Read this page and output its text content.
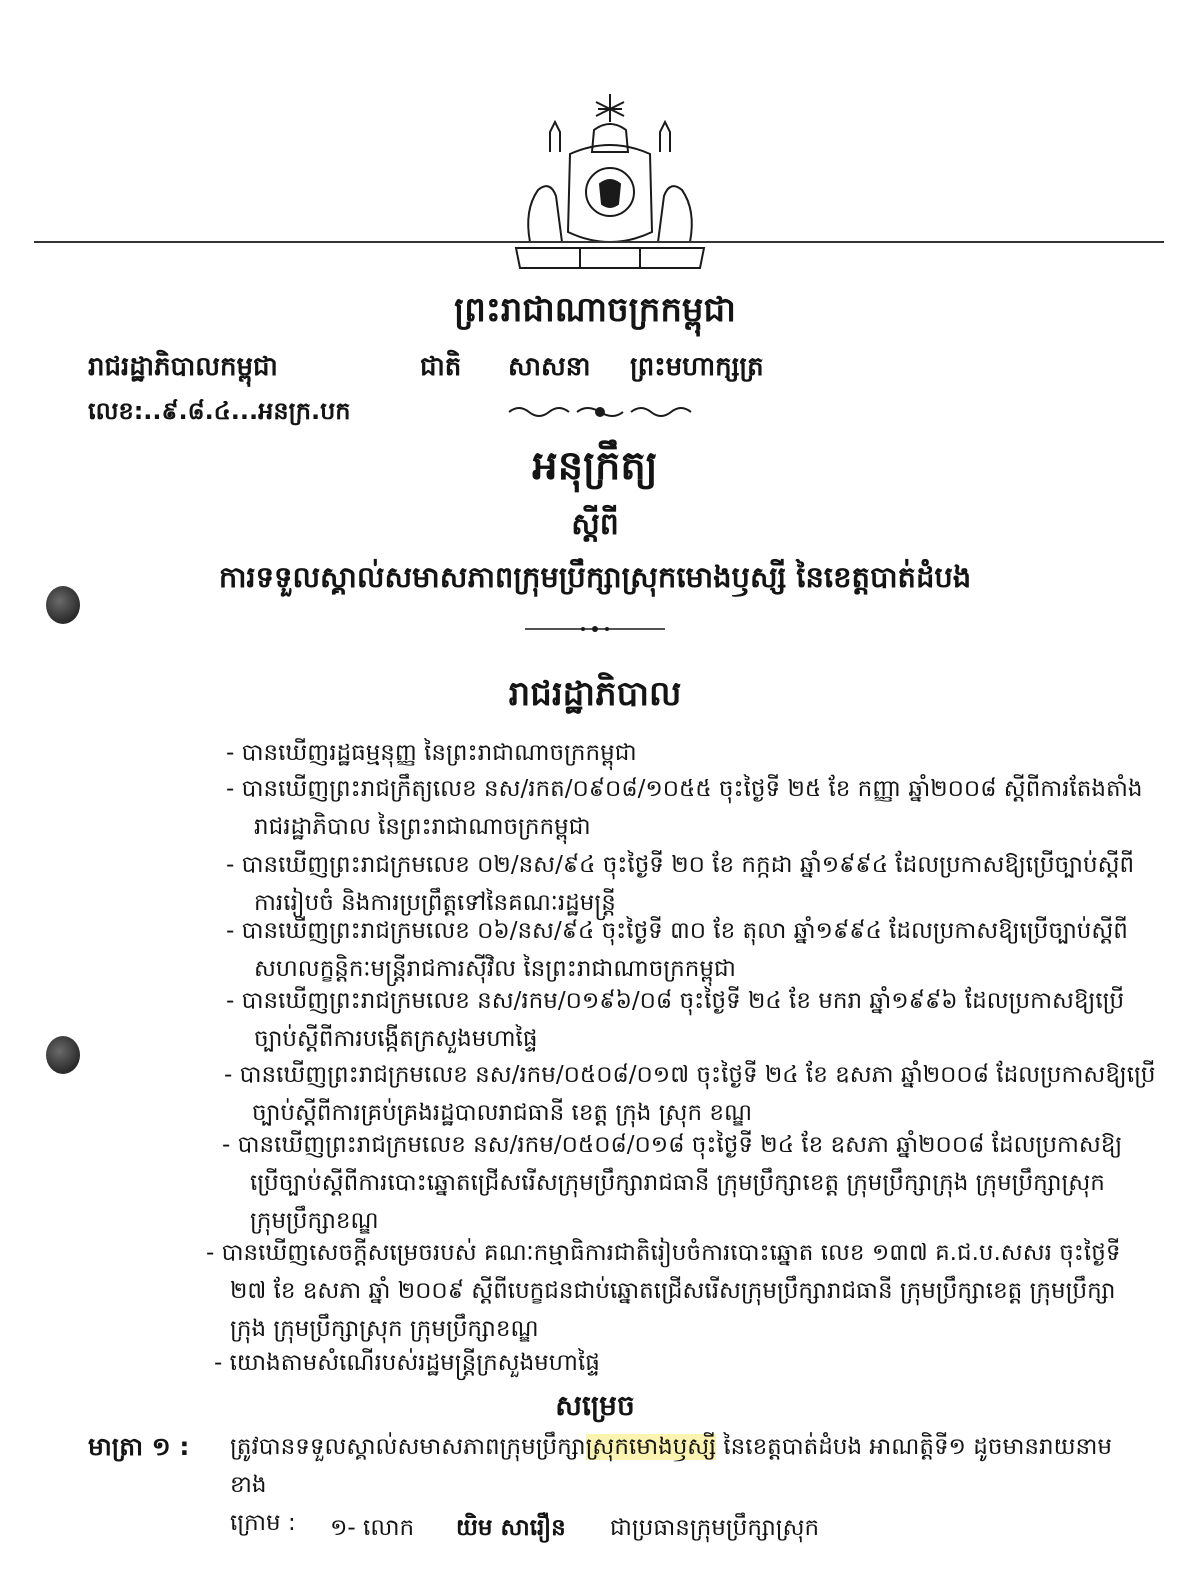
ព្រះរាជាណាចក្រកម្ពុជា
រាជរដ្ឋាភិបាលកម្ពុជា	ជាតិ សាសនា ព្រះមហាក្សត្រ
លេខ:..៩.៨.៤...អនក្រ.បក
អនុក្រឹត្យ
ស្តីពី
ការទទួលស្គាល់សមាសភាពក្រុមប្រឹក្សាស្រុកមោងឫស្សី នៃខេត្តបាត់ដំបង
រាជរដ្ឋាភិបាល
- បានឃើញរដ្ឋធម្មនុញ្ញ នៃព្រះរាជាណាចក្រកម្ពុជា
- បានឃើញព្រះរាជក្រឹត្យលេខ នស/រកត/០៩០៨/១០៥៥ ចុះថ្ងៃទី ២៥ ខែ កញ្ញា ឆ្នាំ២០០៨ ស្តីពីការតែងតាំង
រាជរដ្ឋាភិបាល នៃព្រះរាជាណាចក្រកម្ពុជា
- បានឃើញព្រះរាជក្រមលេខ ០២/នស/៩៤ ចុះថ្ងៃទី ២០ ខែ កក្កដា ឆ្នាំ១៩៩៤ ដែលប្រកាសឱ្យប្រើច្បាប់ស្តីពី
ការរៀបចំ និងការប្រព្រឹត្តទៅនៃគណៈរដ្ឋមន្ត្រី
- បានឃើញព្រះរាជក្រមលេខ ០៦/នស/៩៤ ចុះថ្ងៃទី ៣០ ខែ តុលា ឆ្នាំ១៩៩៤ ដែលប្រកាសឱ្យប្រើច្បាប់ស្តីពី
សហលក្ខន្តិកៈមន្ត្រីរាជការស៊ីវិល នៃព្រះរាជាណាចក្រកម្ពុជា
- បានឃើញព្រះរាជក្រមលេខ នស/រកម/០១៩៦/០៨ ចុះថ្ងៃទី ២៤ ខែ មករា ឆ្នាំ១៩៩៦ ដែលប្រកាសឱ្យប្រើ
ច្បាប់ស្តីពីការបង្កើតក្រសួងមហាផ្ទៃ
- បានឃើញព្រះរាជក្រមលេខ នស/រកម/០៥០៨/០១៧ ចុះថ្ងៃទី ២៤ ខែ ឧសភា ឆ្នាំ២០០៨ ដែលប្រកាសឱ្យប្រើ
ច្បាប់ស្តីពីការគ្រប់គ្រងរដ្ឋបាលរាជធានី ខេត្ត ក្រុង ស្រុក ខណ្ឌ
- បានឃើញព្រះរាជក្រមលេខ នស/រកម/០៥០៨/០១៨ ចុះថ្ងៃទី ២៤ ខែ ឧសភា ឆ្នាំ២០០៨ ដែលប្រកាសឱ្យ
ប្រើច្បាប់ស្តីពីការបោះឆ្នោតជ្រើសរើសក្រុមប្រឹក្សារាជធានី ក្រុមប្រឹក្សាខេត្ត ក្រុមប្រឹក្សាក្រុង ក្រុមប្រឹក្សាស្រុក
ក្រុមប្រឹក្សាខណ្ឌ
- បានឃើញសេចក្តីសម្រេចរបស់ គណៈកម្មាធិការជាតិរៀបចំការបោះឆ្នោត លេខ ១៣៧ គ.ជ.ប.សសរ ចុះថ្ងៃទី
២៧ ខែ ឧសភា ឆ្នាំ ២០០៩ ស្តីពីបេក្ខជនជាប់ឆ្នោតជ្រើសរើសក្រុមប្រឹក្សារាជធានី ក្រុមប្រឹក្សាខេត្ត ក្រុមប្រឹក្សា
ក្រុង ក្រុមប្រឹក្សាស្រុក ក្រុមប្រឹក្សាខណ្ឌ
- យោងតាមសំណើរបស់រដ្ឋមន្ត្រីក្រសួងមហាផ្ទៃ
សម្រេច
មាត្រា ១ : ត្រូវបានទទួលស្គាល់សមាសភាពក្រុមប្រឹក្សាស្រុកមោងឫស្សី នៃខេត្តបាត់ដំបង អាណត្តិទី១ ដូចមានរាយនាមខាង
ក្រោម :	១- លោក យិម សារឿន ជាប្រធានក្រុមប្រឹក្សាស្រុក
